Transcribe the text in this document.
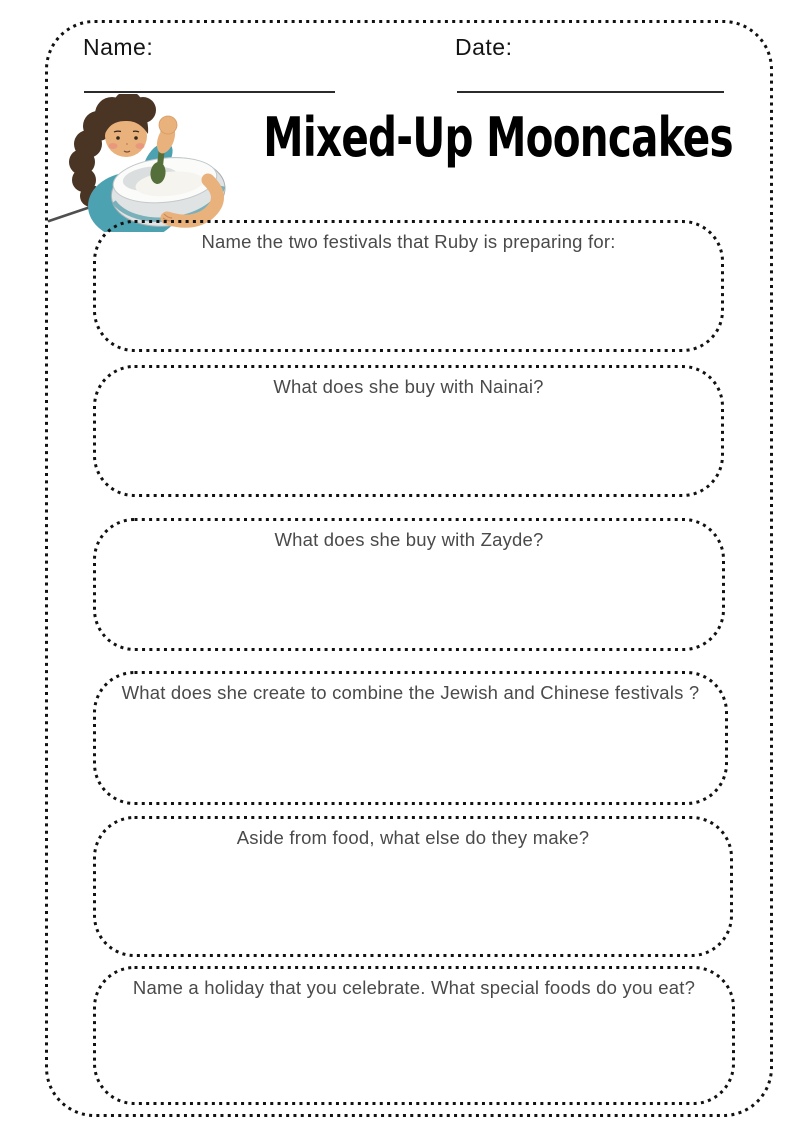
Name:	Date:
Mixed-Up Mooncakes
Name the two festivals that Ruby is preparing for:
What does she buy with Nainai?
What does she buy with Zayde?
What does she create to combine the Jewish and Chinese festivals ?
Aside from food, what else do they make?
Name a holiday that you celebrate. What special foods do you eat?
